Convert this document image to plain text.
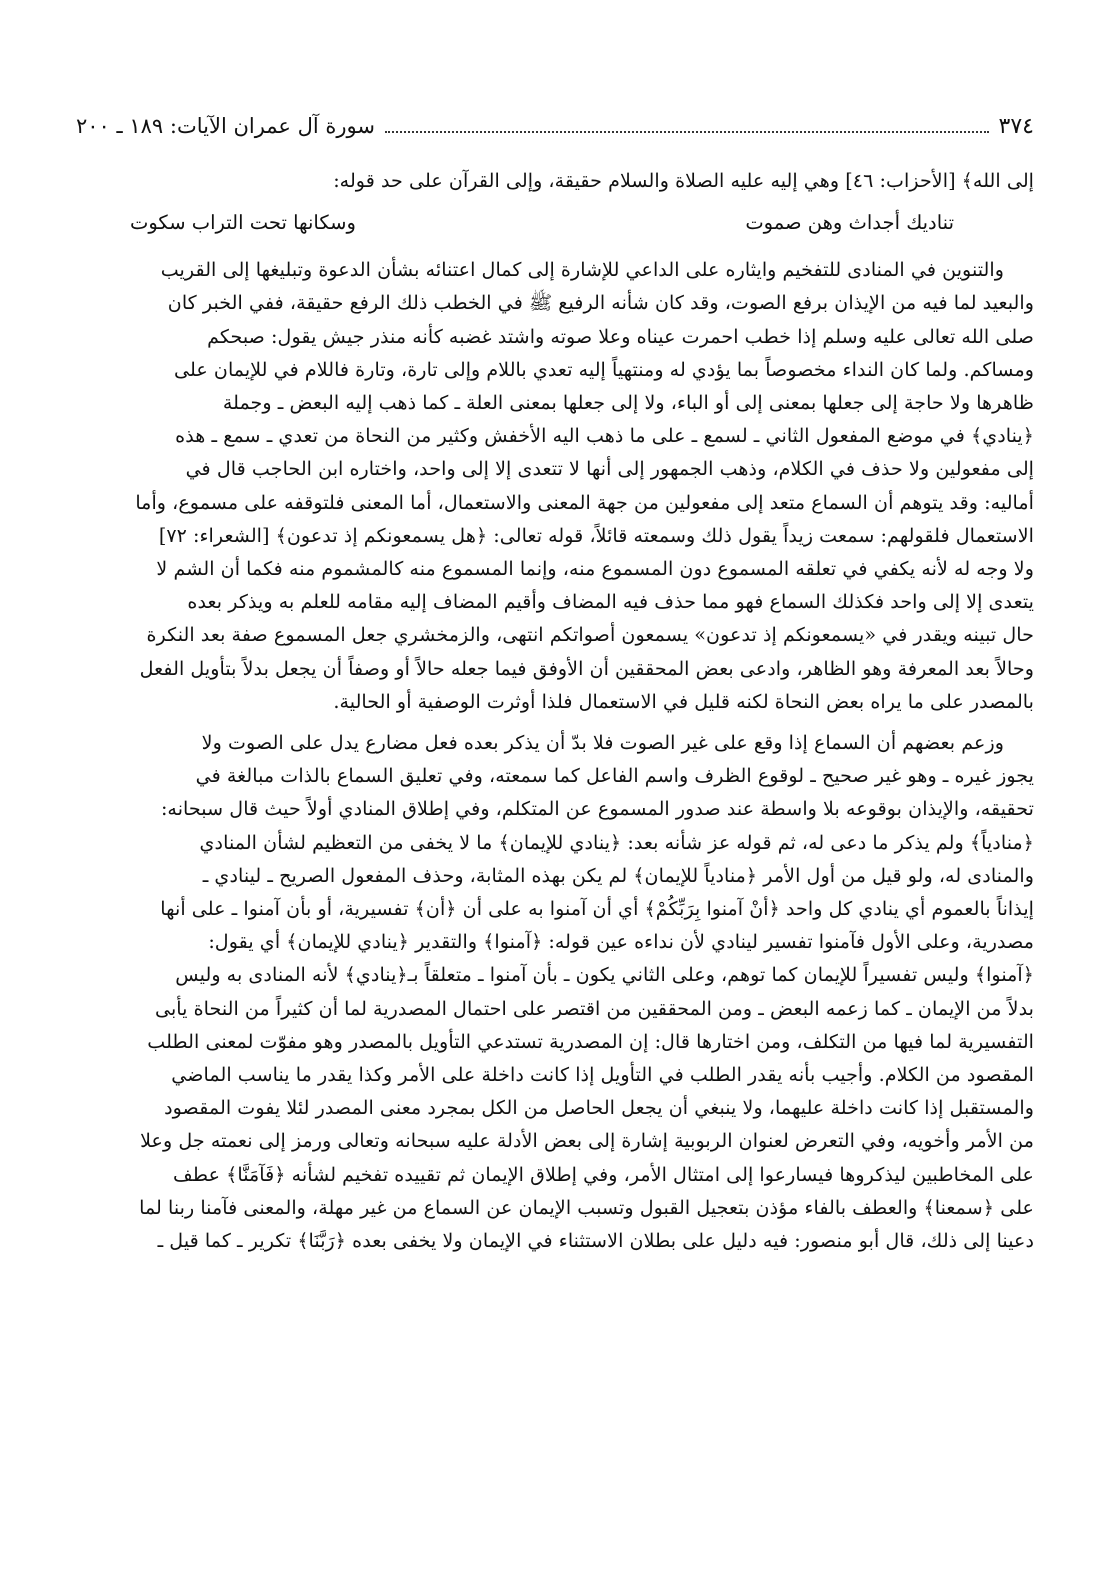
٣٧٤
سورة آل عمران الآيات: ١٨٩ ـ ٢٠٠

إلى الله﴾ [الأحزاب: ٤٦] وهي إليه عليه الصلاة والسلام حقيقة، وإلى القرآن على حد قوله:

تناديك أجداث وهن صموت
وسكانها تحت التراب سكوت

والتنوين في المنادى للتفخيم وايثاره على الداعي للإشارة إلى كمال اعتنائه بشأن الدعوة وتبليغها إلى القريب

والبعيد لما فيه من الإيذان برفع الصوت، وقد كان شأنه الرفيع ﷺ في الخطب ذلك الرفع حقيقة، ففي الخبر كان

صلى الله تعالى عليه وسلم إذا خطب احمرت عيناه وعلا صوته واشتد غضبه كأنه منذر جيش يقول: صبحكم

ومساكم. ولما كان النداء مخصوصاً بما يؤدي له ومنتهياً إليه تعدي باللام وإلى تارة، وتارة فاللام في للإيمان على

ظاهرها ولا حاجة إلى جعلها بمعنى إلى أو الباء، ولا إلى جعلها بمعنى العلة ـ كما ذهب إليه البعض ـ وجملة

﴿ينادي﴾ في موضع المفعول الثاني ـ لسمع ـ على ما ذهب اليه الأخفش وكثير من النحاة من تعدي ـ سمع ـ هذه

إلى مفعولين ولا حذف في الكلام، وذهب الجمهور إلى أنها لا تتعدى إلا إلى واحد، واختاره ابن الحاجب قال في

أماليه: وقد يتوهم أن السماع متعد إلى مفعولين من جهة المعنى والاستعمال، أما المعنى فلتوقفه على مسموع، وأما

الاستعمال فلقولهم: سمعت زيداً يقول ذلك وسمعته قائلاً، قوله تعالى: ﴿هل يسمعونكم إذ تدعون﴾ [الشعراء: ٧٢]

ولا وجه له لأنه يكفي في تعلقه المسموع دون المسموع منه، وإنما المسموع منه كالمشموم منه فكما أن الشم لا

يتعدى إلا إلى واحد فكذلك السماع فهو مما حذف فيه المضاف وأقيم المضاف إليه مقامه للعلم به ويذكر بعده

حال تبينه ويقدر في «يسمعونكم إذ تدعون» يسمعون أصواتكم انتهى، والزمخشري جعل المسموع صفة بعد النكرة

وحالاً بعد المعرفة وهو الظاهر، وادعى بعض المحققين أن الأوفق فيما جعله حالاً أو وصفاً أن يجعل بدلاً بتأويل الفعل

بالمصدر على ما يراه بعض النحاة لكنه قليل في الاستعمال فلذا أوثرت الوصفية أو الحالية.

وزعم بعضهم أن السماع إذا وقع على غير الصوت فلا بدّ أن يذكر بعده فعل مضارع يدل على الصوت ولا

يجوز غيره ـ وهو غير صحيح ـ لوقوع الظرف واسم الفاعل كما سمعته، وفي تعليق السماع بالذات مبالغة في

تحقيقه، والإيذان بوقوعه بلا واسطة عند صدور المسموع عن المتكلم، وفي إطلاق المنادي أولاً حيث قال سبحانه:

﴿منادياً﴾ ولم يذكر ما دعى له، ثم قوله عز شأنه بعد: ﴿ينادي للإيمان﴾ ما لا يخفى من التعظيم لشأن المنادي

والمنادى له، ولو قيل من أول الأمر ﴿منادياً للإيمان﴾ لم يكن بهذه المثابة، وحذف المفعول الصريح ـ لينادي ـ

إيذاناً بالعموم أي ينادي كل واحد ﴿أنْ آمنوا بِرَبِّكُمْ﴾ أي أن آمنوا به على أن ﴿أن﴾ تفسيرية، أو بأن آمنوا ـ على أنها

مصدرية، وعلى الأول فآمنوا تفسير لينادي لأن نداءه عين قوله: ﴿آمنوا﴾ والتقدير ﴿ينادي للإيمان﴾ أي يقول:

﴿آمنوا﴾ وليس تفسيراً للإيمان كما توهم، وعلى الثاني يكون ـ بأن آمنوا ـ متعلقاً بـ﴿ينادي﴾ لأنه المنادى به وليس

بدلاً من الإيمان ـ كما زعمه البعض ـ ومن المحققين من اقتصر على احتمال المصدرية لما أن كثيراً من النحاة يأبى

التفسيرية لما فيها من التكلف، ومن اختارها قال: إن المصدرية تستدعي التأويل بالمصدر وهو مفوّت لمعنى الطلب

المقصود من الكلام. وأجيب بأنه يقدر الطلب في التأويل إذا كانت داخلة على الأمر وكذا يقدر ما يناسب الماضي

والمستقبل إذا كانت داخلة عليهما، ولا ينبغي أن يجعل الحاصل من الكل بمجرد معنى المصدر لئلا يفوت المقصود

من الأمر وأخويه، وفي التعرض لعنوان الربوبية إشارة إلى بعض الأدلة عليه سبحانه وتعالى ورمز إلى نعمته جل وعلا

على المخاطبين ليذكروها فيسارعوا إلى امتثال الأمر، وفي إطلاق الإيمان ثم تقييده تفخيم لشأنه ﴿فَآمَنَّا﴾ عطف

على ﴿سمعنا﴾ والعطف بالفاء مؤذن بتعجيل القبول وتسبب الإيمان عن السماع من غير مهلة، والمعنى فآمنا ربنا لما

دعينا إلى ذلك، قال أبو منصور: فيه دليل على بطلان الاستثناء في الإيمان ولا يخفى بعده ﴿رَبَّنَا﴾ تكرير ـ كما قيل ـ
